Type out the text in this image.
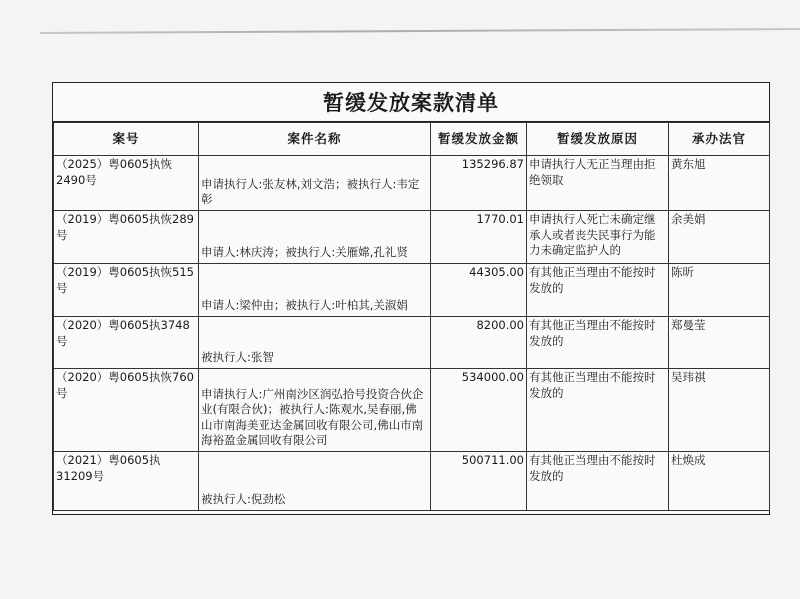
暂缓发放案款清单
案号	案件名称	暂缓发放金额	暂缓发放原因	承办法官
（2025）粤0605执恢2490号	申请执行人:张友林,刘文浩；被执行人:韦定彰	135296.87	申请执行人无正当理由拒绝领取	黄东旭
（2019）粤0605执恢289号	申请人:林庆涛；被执行人:关雁嫦,孔礼贤	1770.01	申请执行人死亡未确定继承人或者丧失民事行为能力未确定监护人的	余美娟
（2019）粤0605执恢515号	申请人:梁仲由；被执行人:叶柏其,关淑娟	44305.00	有其他正当理由不能按时发放的	陈昕
（2020）粤0605执3748号	被执行人:张智	8200.00	有其他正当理由不能按时发放的	郑曼莹
（2020）粤0605执恢760号	申请执行人:广州南沙区润弘拾号投资合伙企业(有限合伙)；被执行人:陈观水,吴春丽,佛山市南海美亚达金属回收有限公司,佛山市南海裕盈金属回收有限公司	534000.00	有其他正当理由不能按时发放的	吴玮祺
（2021）粤0605执31209号	被执行人:倪劲松	500711.00	有其他正当理由不能按时发放的	杜焕成
